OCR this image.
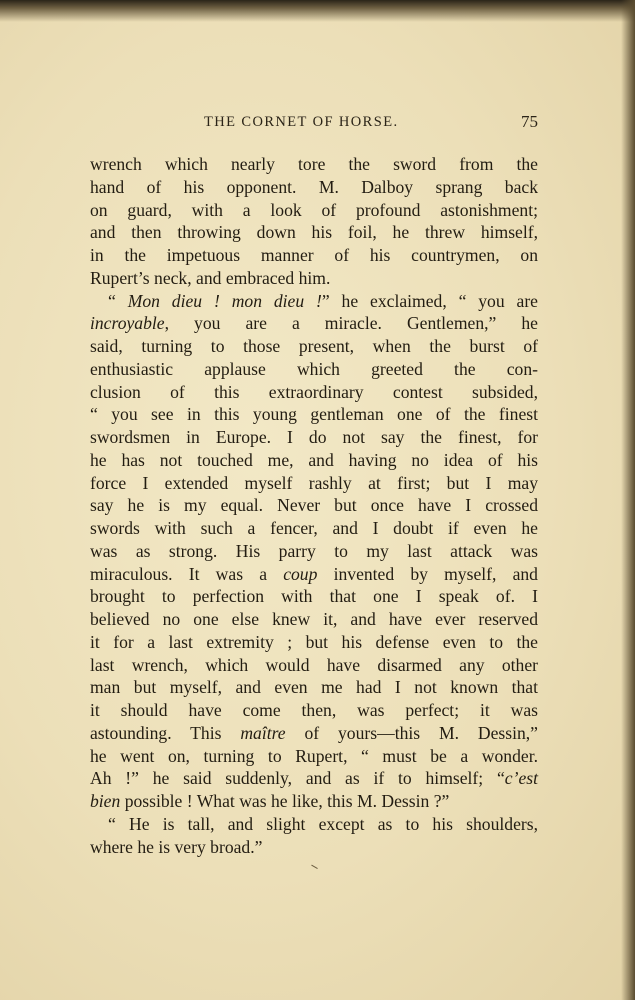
THE CORNET OF HORSE.	75
wrench which nearly tore the sword from the
hand of his opponent. M. Dalboy sprang back
on guard, with a look of profound astonishment;
and then throwing down his foil, he threw himself,
in the impetuous manner of his countrymen, on
Rupert’s neck, and embraced him.
“ Mon dieu ! mon dieu !” he exclaimed, “ you are
incroyable, you are a miracle. Gentlemen,” he
said, turning to those present, when the burst of
enthusiastic applause which greeted the con-
clusion of this extraordinary contest subsided,
“ you see in this young gentleman one of the finest
swordsmen in Europe. I do not say the finest, for
he has not touched me, and having no idea of his
force I extended myself rashly at first; but I may
say he is my equal. Never but once have I crossed
swords with such a fencer, and I doubt if even he
was as strong. His parry to my last attack was
miraculous. It was a coup invented by myself, and
brought to perfection with that one I speak of. I
believed no one else knew it, and have ever reserved
it for a last extremity ; but his defense even to the
last wrench, which would have disarmed any other
man but myself, and even me had I not known that
it should have come then, was perfect; it was
astounding. This maître of yours—this M. Dessin,”
he went on, turning to Rupert, “ must be a wonder.
Ah !” he said suddenly, and as if to himself; “c’est
bien possible ! What was he like, this M. Dessin ?”
“ He is tall, and slight except as to his shoulders,
where he is very broad.”
